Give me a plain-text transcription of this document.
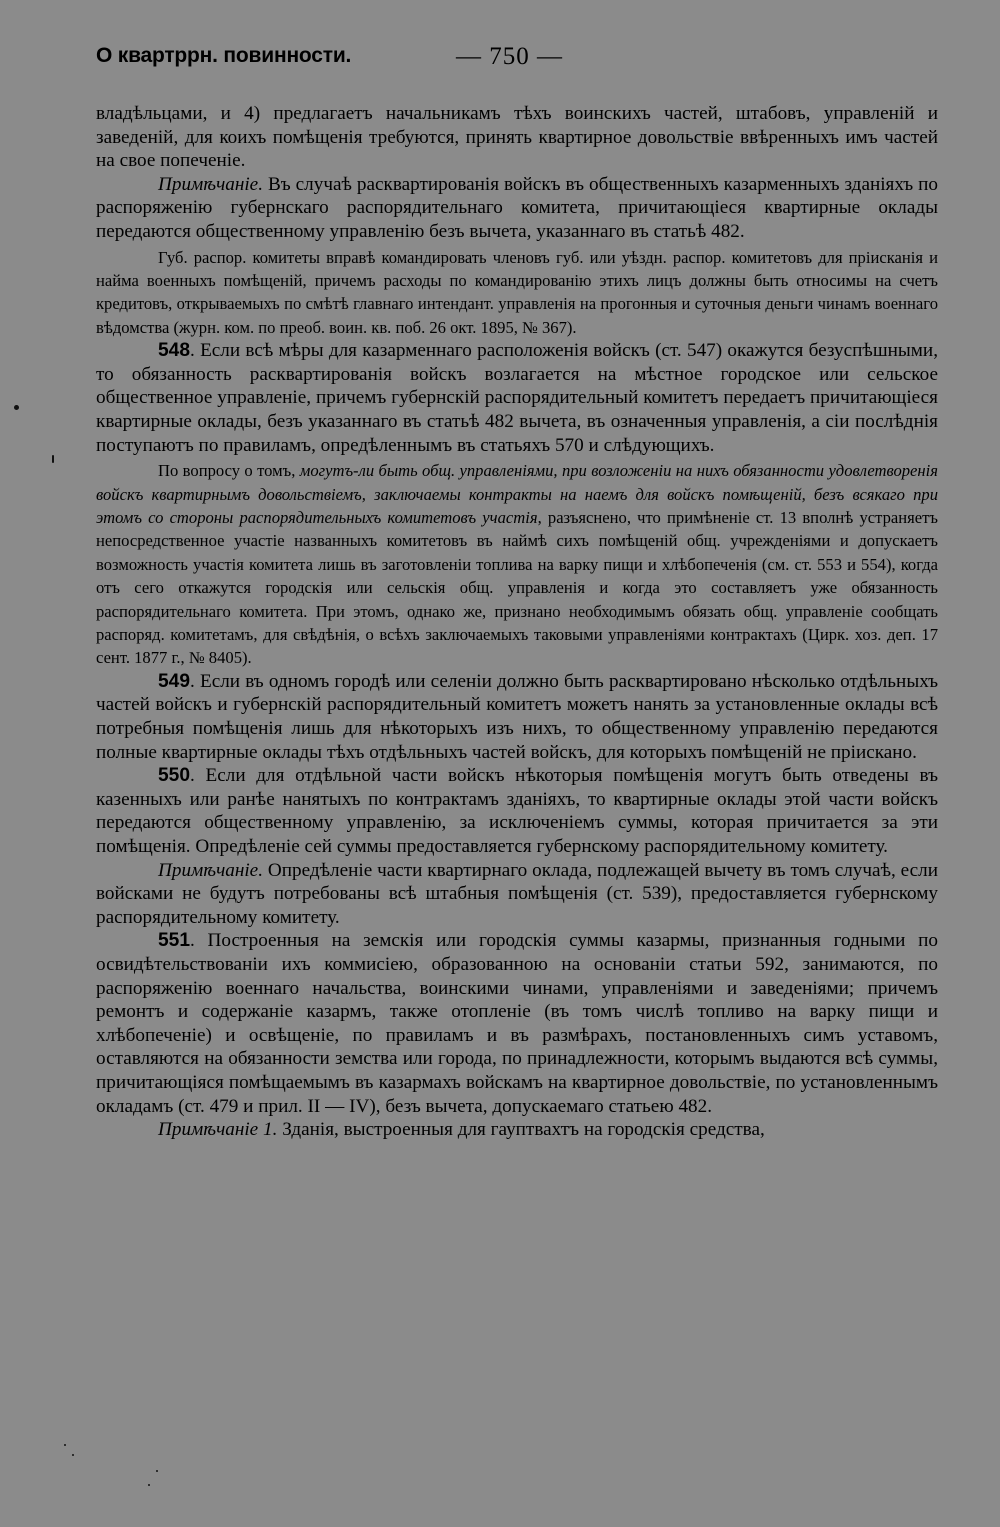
О квартррн. повинности.	— 750 —

владѣльцами, и 4) предлагаетъ начальникамъ тѣхъ воинскихъ частей, штабовъ, управленій и заведеній, для коихъ помѣщенія требуются, принять квартирное довольствіе ввѣренныхъ имъ частей на свое попеченіе.

Примѣчаніе. Въ случаѣ расквартированія войскъ въ общественныхъ казарменныхъ зданіяхъ по распоряженію губернскаго распорядительнаго комитета, причитающіеся квартирные оклады передаются общественному управленію безъ вычета, указаннаго въ статьѣ 482.

Губ. распор. комитеты вправѣ командировать членовъ губ. или уѣздн. распор. комитетовъ для пріисканія и найма военныхъ помѣщеній, причемъ расходы по командированію этихъ лицъ должны быть относимы на счетъ кредитовъ, открываемыхъ по смѣтѣ главнаго интендант. управленія на прогонныя и суточныя деньги чинамъ военнаго вѣдомства (журн. ком. по преоб. воин. кв. поб. 26 окт. 1895, № 367).

548. Если всѣ мѣры для казарменнаго расположенія войскъ (ст. 547) окажутся безуспѣшными, то обязанность расквартированія войскъ возлагается на мѣстное городское или сельское общественное управленіе, причемъ губернскій распорядительный комитетъ передаетъ причитающіеся квартирные оклады, безъ указаннаго въ статьѣ 482 вычета, въ означенныя управленія, а сіи послѣднія поступаютъ по правиламъ, опредѣленнымъ въ статьяхъ 570 и слѣдующихъ.

По вопросу о томъ, могутъ-ли быть общ. управленіями, при возложеніи на нихъ обязанности удовлетворенія войскъ квартирнымъ довольствіемъ, заключаемы контракты на наемъ для войскъ помѣщеній, безъ всякаго при этомъ со стороны распорядительныхъ комитетовъ участія, разъяснено, что примѣненіе ст. 13 вполнѣ устраняетъ непосредственное участіе названныхъ комитетовъ въ наймѣ сихъ помѣщеній общ. учрежденіями и допускаетъ возможность участія комитета лишь въ заготовленіи топлива на варку пищи и хлѣбопеченія (см. ст. 553 и 554), когда отъ сего откажутся городскія или сельскія общ. управленія и когда это составляетъ уже обязанность распорядительнаго комитета. При этомъ, однако же, признано необходимымъ обязать общ. управленіе сообщать распоряд. комитетамъ, для свѣдѣнія, о всѣхъ заключаемыхъ таковыми управленіями контрактахъ (Цирк. хоз. деп. 17 сент. 1877 г., № 8405).

549. Если въ одномъ городѣ или селеніи должно быть расквартировано нѣсколько отдѣльныхъ частей войскъ и губернскій распорядительный комитетъ можетъ нанять за установленные оклады всѣ потребныя помѣщенія лишь для нѣкоторыхъ изъ нихъ, то общественному управленію передаются полные квартирные оклады тѣхъ отдѣльныхъ частей войскъ, для которыхъ помѣщеній не пріискано.

550. Если для отдѣльной части войскъ нѣкоторыя помѣщенія могутъ быть отведены въ казенныхъ или ранѣе нанятыхъ по контрактамъ зданіяхъ, то квартирные оклады этой части войскъ передаются общественному управленію, за исключеніемъ суммы, которая причитается за эти помѣщенія. Опредѣленіе сей суммы предоставляется губернскому распорядительному комитету.

Примѣчаніе. Опредѣленіе части квартирнаго оклада, подлежащей вычету въ томъ случаѣ, если войсками не будутъ потребованы всѣ штабныя помѣщенія (ст. 539), предоставляется губернскому распорядительному комитету.

551. Построенныя на земскія или городскія суммы казармы, признанныя годными по освидѣтельствованіи ихъ коммисіею, образованною на основаніи статьи 592, занимаются, по распоряженію военнаго начальства, воинскими чинами, управленіями и заведеніями; причемъ ремонтъ и содержаніе казармъ, также отопленіе (въ томъ числѣ топливо на варку пищи и хлѣбопеченіе) и освѣщеніе, по правиламъ и въ размѣрахъ, постановленныхъ симъ уставомъ, оставляются на обязанности земства или города, по принадлежности, которымъ выдаются всѣ суммы, причитающіяся помѣщаемымъ въ казармахъ войскамъ на квартирное довольствіе, по установленнымъ окладамъ (ст. 479 и прил. II — IV), безъ вычета, допускаемаго статьею 482.

Примѣчаніе 1. Зданія, выстроенныя для гауптвахтъ на городскія средства,
